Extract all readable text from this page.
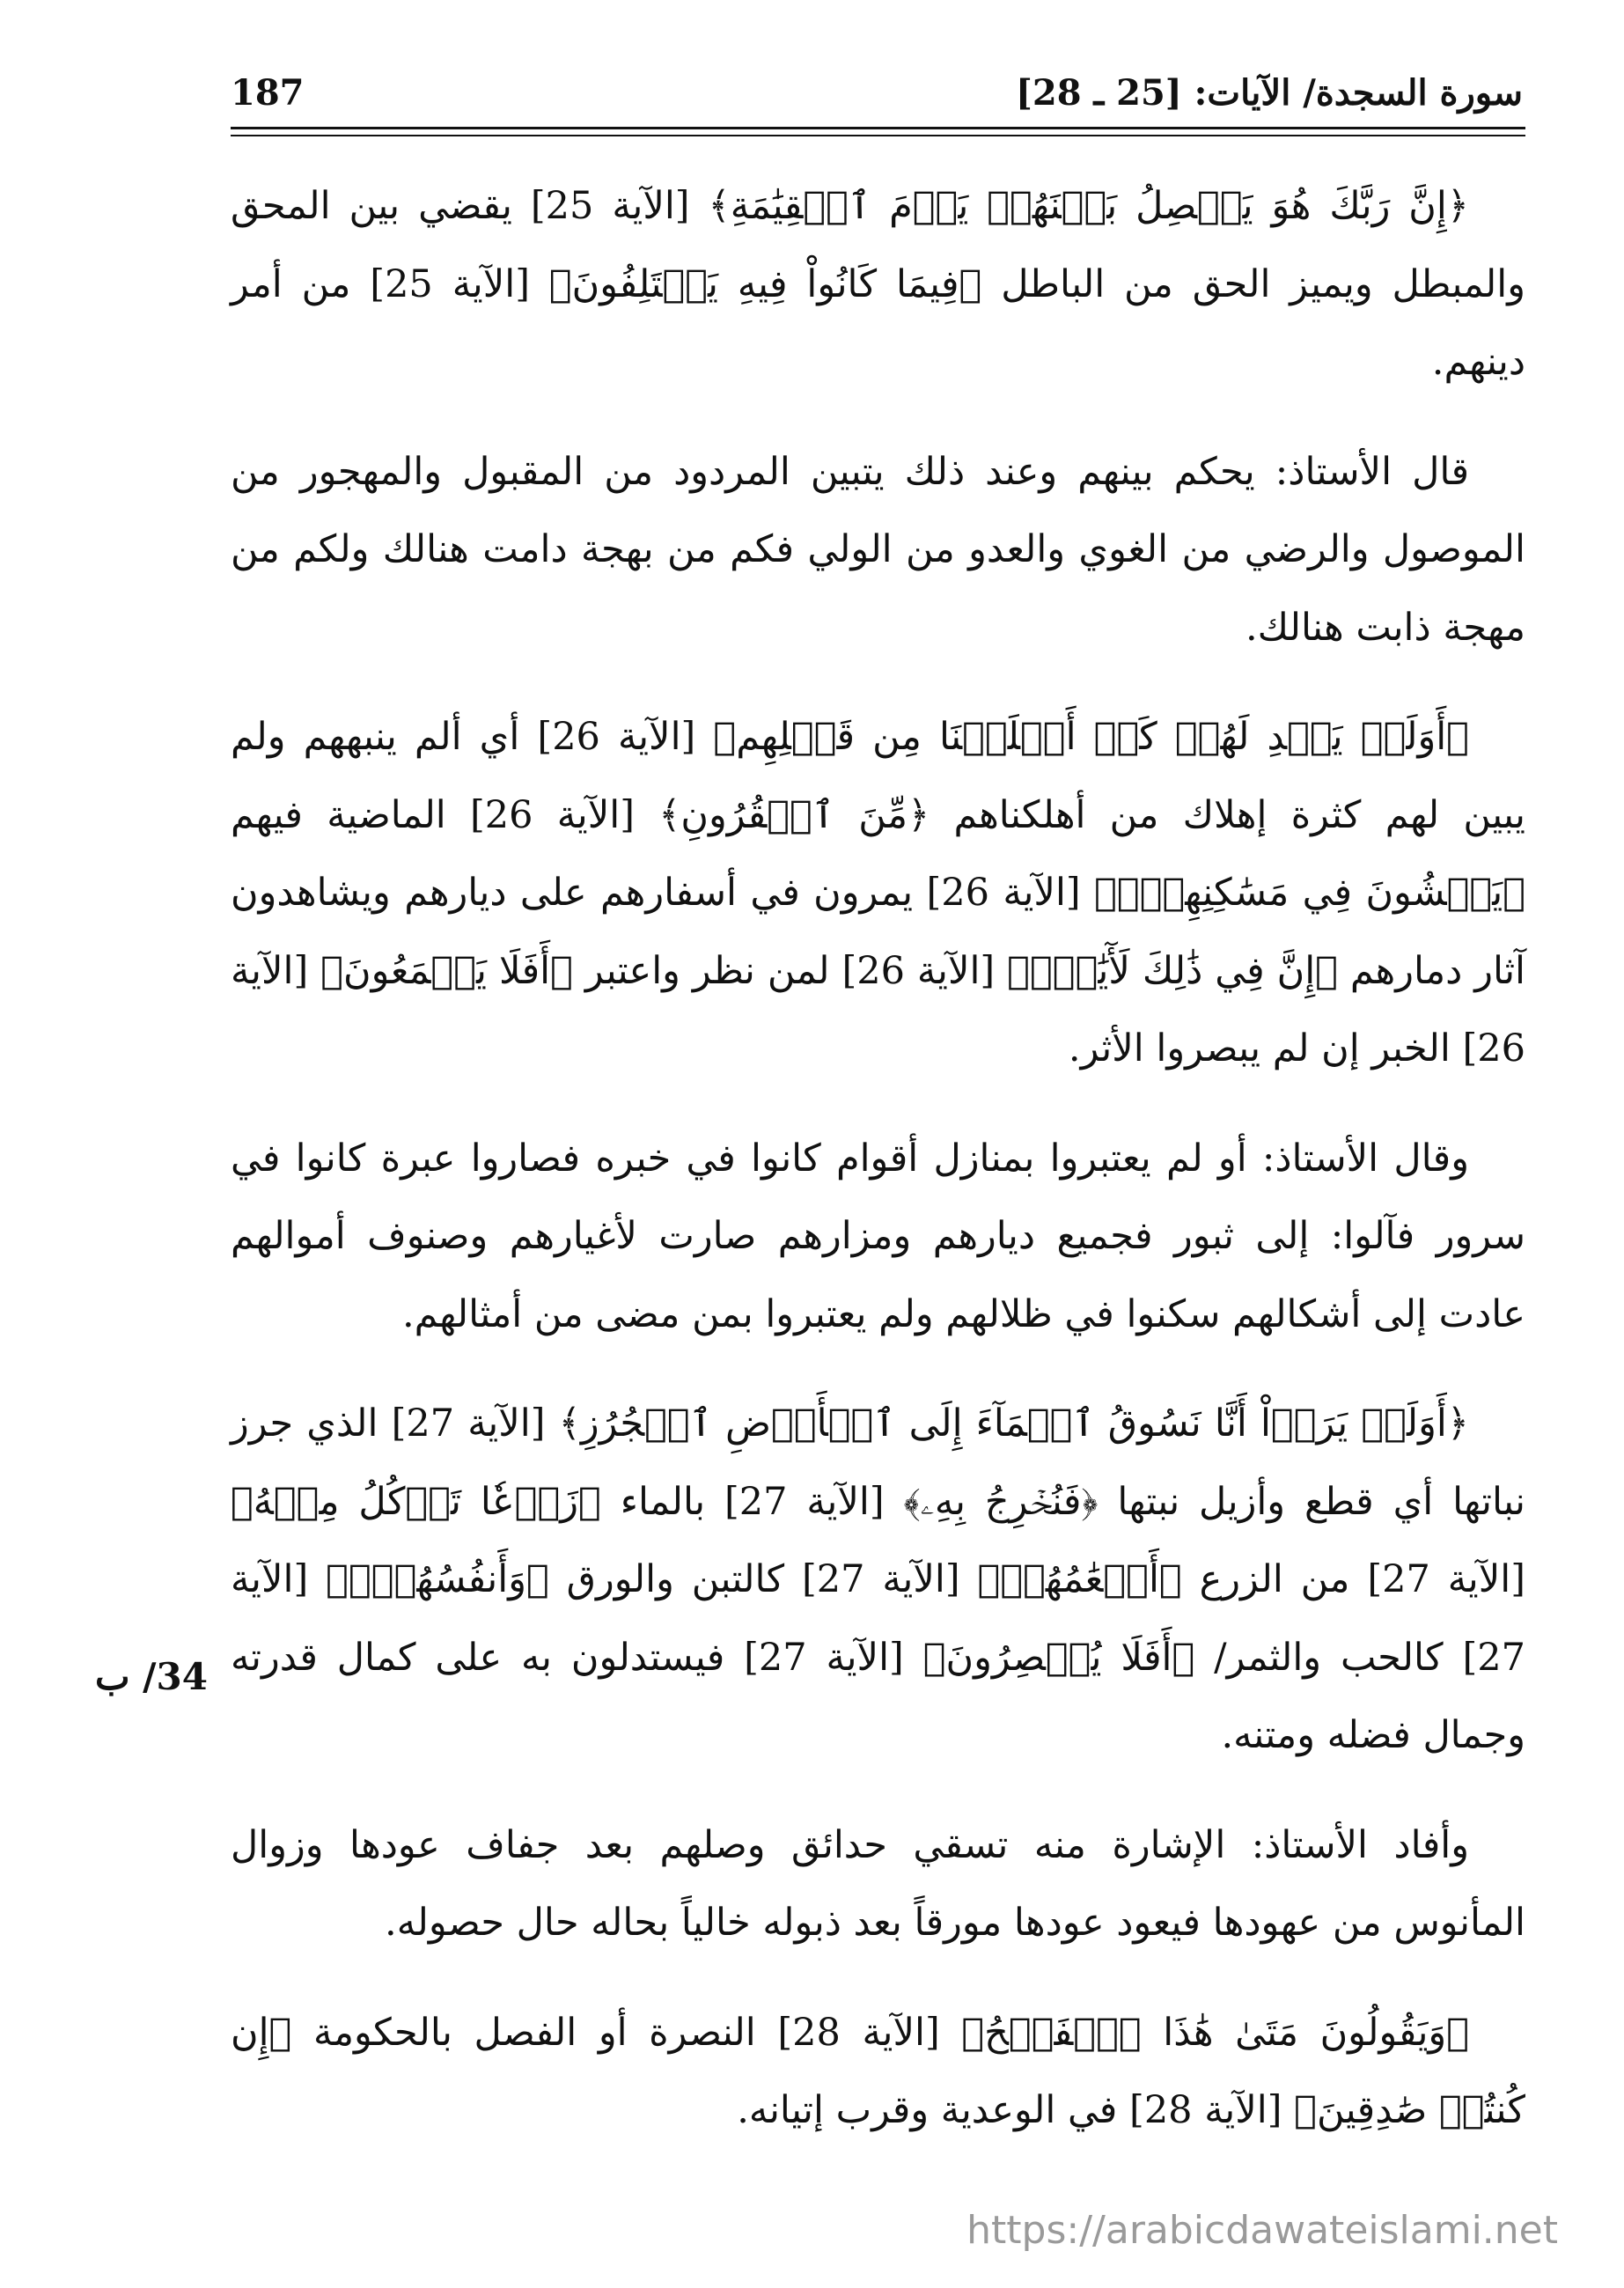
سورة السجدة/ الآيات: [25 ـ 28]
187

﴿إِنَّ رَبَّكَ هُوَ يَفۡصِلُ بَيۡنَهُمۡ يَوۡمَ ٱلۡقِيَٰمَةِ﴾ [الآية 25] يقضي بين المحق والمبطل ويميز الحق من الباطل ﴿فِيمَا كَانُواْ فِيهِ يَخۡتَلِفُونَ﴾ [الآية 25] من أمر دينهم.

قال الأستاذ: يحكم بينهم وعند ذلك يتبين المردود من المقبول والمهجور من الموصول والرضي من الغوي والعدو من الولي فكم من بهجة دامت هنالك ولكم من مهجة ذابت هنالك.

﴿أَوَلَمۡ يَهۡدِ لَهُمۡ كَمۡ أَهۡلَكۡنَا مِن قَبۡلِهِم﴾ [الآية 26] أي ألم ينبههم ولم يبين لهم كثرة إهلاك من أهلكناهم ﴿مِّنَ ٱلۡقُرُونِ﴾ [الآية 26] الماضية فيهم ﴿يَمۡشُونَ فِي مَسَٰكِنِهِمۡۚ﴾ [الآية 26] يمرون في أسفارهم على ديارهم ويشاهدون آثار دمارهم ﴿إِنَّ فِي ذَٰلِكَ لَأٓيَٰتٍۚ﴾ [الآية 26] لمن نظر واعتبر ﴿أَفَلَا يَسۡمَعُونَ﴾ [الآية 26] الخبر إن لم يبصروا الأثر.

وقال الأستاذ: أو لم يعتبروا بمنازل أقوام كانوا في خبره فصاروا عبرة كانوا في سرور فآلوا: إلى ثبور فجميع ديارهم ومزارهم صارت لأغيارهم وصنوف أموالهم عادت إلى أشكالهم سكنوا في ظلالهم ولم يعتبروا بمن مضى من أمثالهم.

﴿أَوَلَمۡ يَرَوۡاْ أَنَّا نَسُوقُ ٱلۡمَآءَ إِلَى ٱلۡأَرۡضِ ٱلۡجُرُزِ﴾ [الآية 27] الذي جرز نباتها أي قطع وأزيل نبتها ﴿فَنُخۡرِجُ بِهِۦ﴾ [الآية 27] بالماء ﴿زَرۡعٗا تَأۡكُلُ مِنۡهُ﴾ [الآية 27] من الزرع ﴿أَنۡعَٰمُهُمۡ﴾ [الآية 27] كالتبن والورق ﴿وَأَنفُسُهُمۡۚ﴾ [الآية 27] كالحب والثمر/ ﴿أَفَلَا يُبۡصِرُونَ﴾ [الآية 27] فيستدلون به على كمال قدرته وجمال فضله ومتنه.

وأفاد الأستاذ: الإشارة منه تسقي حدائق وصلهم بعد جفاف عودها وزوال المأنوس من عهودها فيعود عودها مورقاً بعد ذبوله خالياً بحاله حال حصوله.

﴿وَيَقُولُونَ مَتَىٰ هَٰذَا ٱلۡفَتۡحُ﴾ [الآية 28] النصرة أو الفصل بالحكومة ﴿إِن كُنتُمۡ صَٰدِقِينَ﴾ [الآية 28] في الوعدية وقرب إتيانه.

34/ ب
https://arabicdawateislami.net
